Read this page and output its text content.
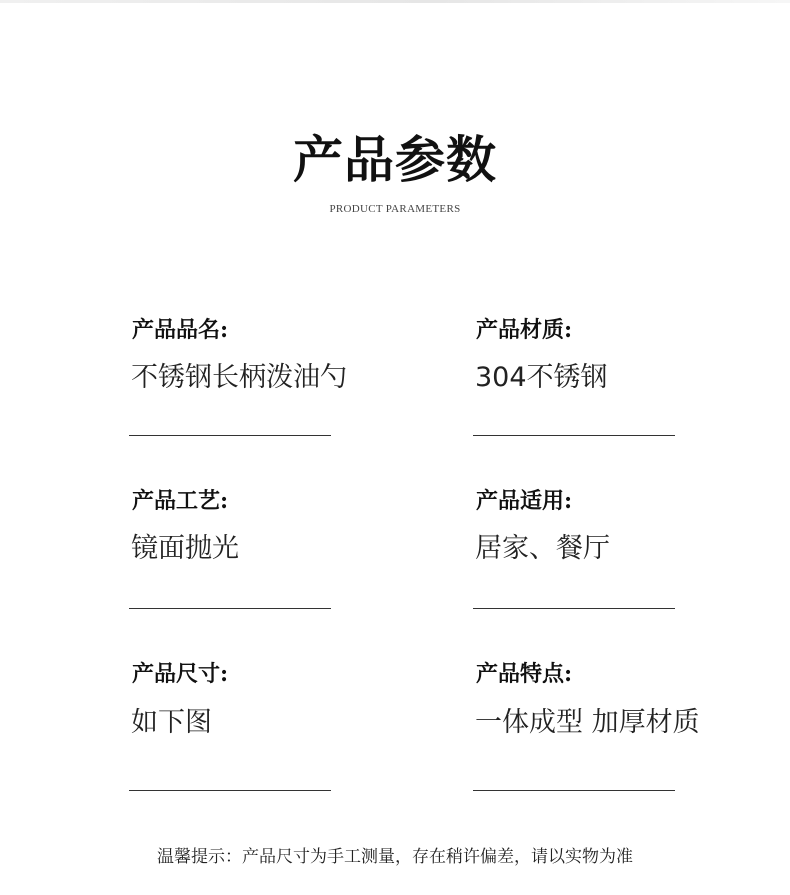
产品参数
PRODUCT PARAMETERS
产品品名:
不锈钢长柄泼油勺
产品材质:
304不锈钢
产品工艺:
镜面抛光
产品适用:
居家、餐厅
产品尺寸:
如下图
产品特点:
一体成型 加厚材质
温馨提示：产品尺寸为手工测量，存在稍许偏差，请以实物为准
